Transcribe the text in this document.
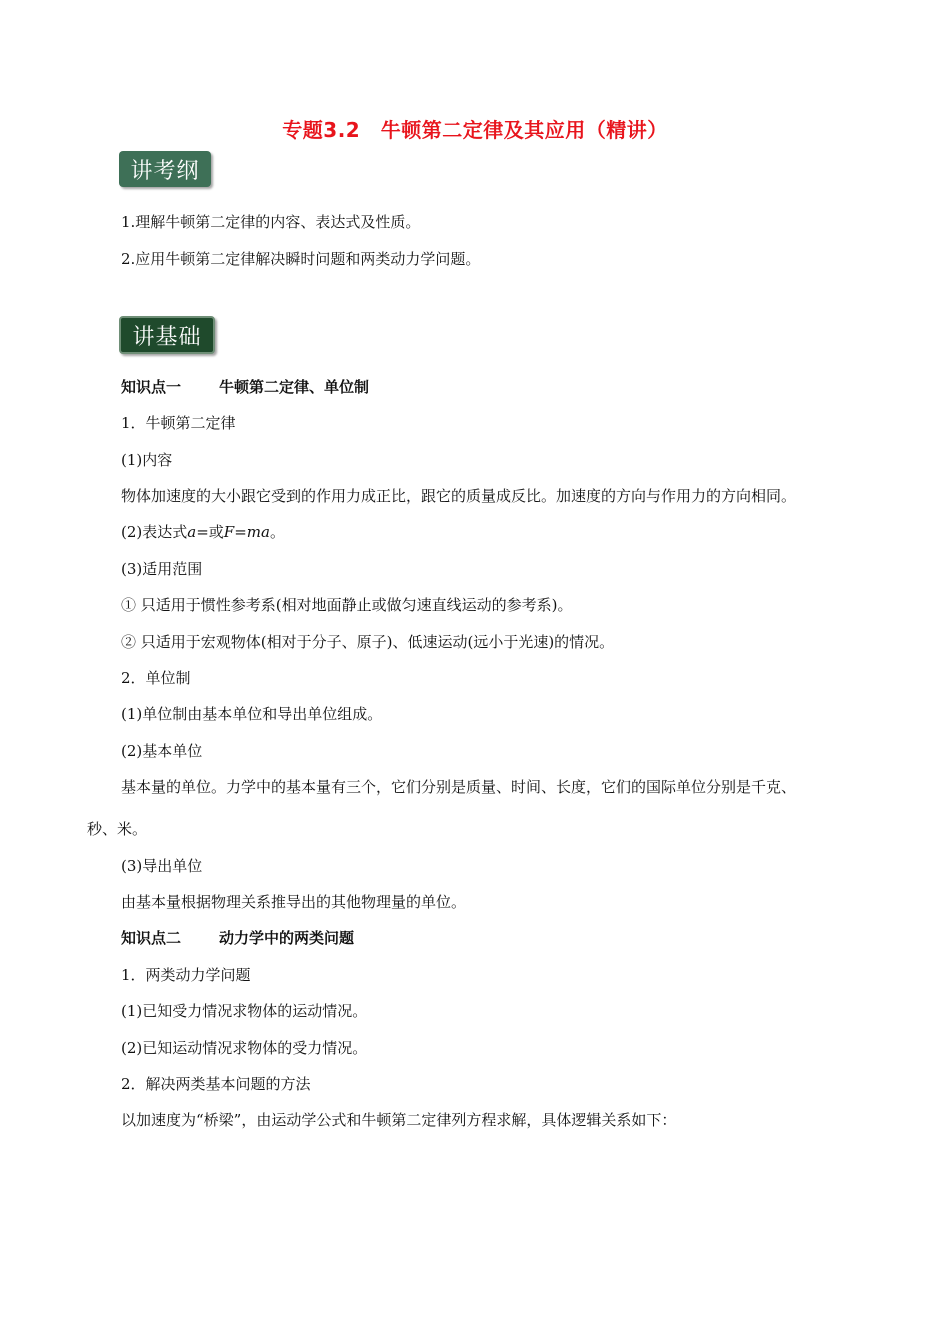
专题3.2　牛顿第二定律及其应用（精讲）
讲考纲
1.理解牛顿第二定律的内容、表达式及性质。
2.应用牛顿第二定律解决瞬时问题和两类动力学问题。
讲基础
知识点一	牛顿第二定律、单位制
1．牛顿第二定律
(1)内容
物体加速度的大小跟它受到的作用力成正比，跟它的质量成反比。加速度的方向与作用力的方向相同。
(2)表达式a=或F=ma。
(3)适用范围
① 只适用于惯性参考系(相对地面静止或做匀速直线运动的参考系)。
② 只适用于宏观物体(相对于分子、原子)、低速运动(远小于光速)的情况。
2．单位制
(1)单位制由基本单位和导出单位组成。
(2)基本单位
基本量的单位。力学中的基本量有三个，它们分别是质量、时间、长度，它们的国际单位分别是千克、
秒、米。
(3)导出单位
由基本量根据物理关系推导出的其他物理量的单位。
知识点二	动力学中的两类问题
1．两类动力学问题
(1)已知受力情况求物体的运动情况。
(2)已知运动情况求物体的受力情况。
2．解决两类基本问题的方法
以加速度为“桥梁”，由运动学公式和牛顿第二定律列方程求解，具体逻辑关系如下：
